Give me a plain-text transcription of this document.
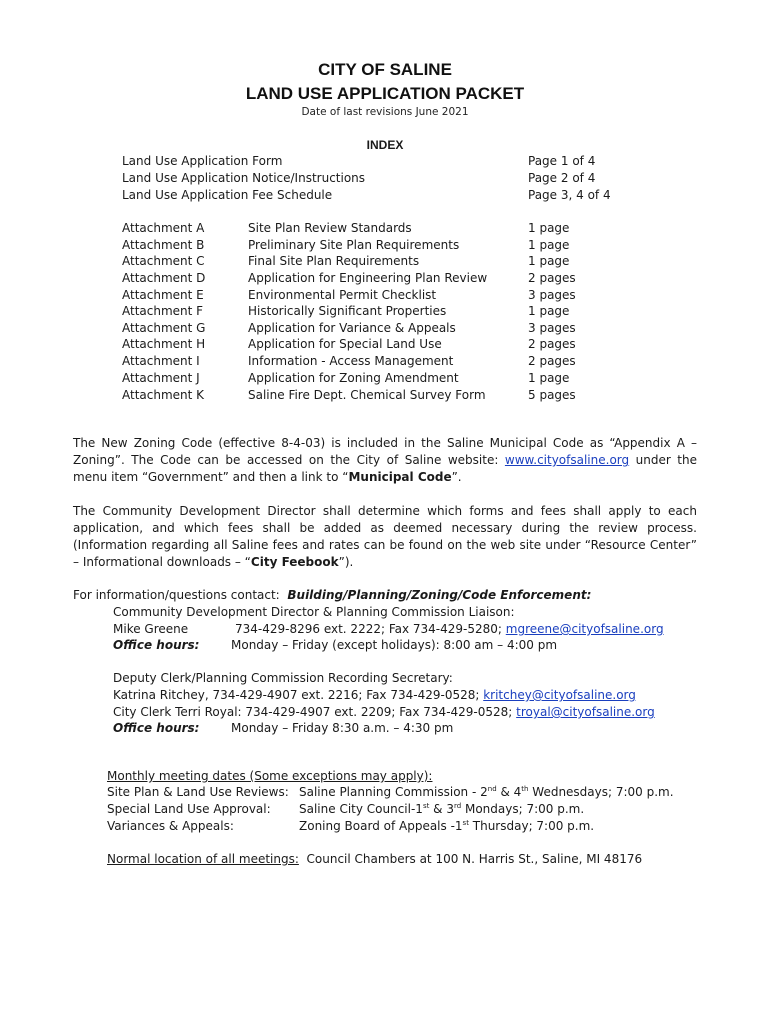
CITY OF SALINE
LAND USE APPLICATION PACKET
Date of last revisions June 2021
INDEX
Land Use Application Form	Page 1 of 4
Land Use Application Notice/Instructions	Page 2 of 4
Land Use Application Fee Schedule	Page 3, 4 of 4
Attachment A	Site Plan Review Standards	1 page
Attachment B	Preliminary Site Plan Requirements	1 page
Attachment C	Final Site Plan Requirements	1 page
Attachment D	Application for Engineering Plan Review	2 pages
Attachment E	Environmental Permit Checklist	3 pages
Attachment F	Historically Significant Properties	1 page
Attachment G	Application for Variance & Appeals	3 pages
Attachment H	Application for Special Land Use	2 pages
Attachment I	Information - Access Management	2 pages
Attachment J	Application for Zoning Amendment	1 page
Attachment K	Saline Fire Dept. Chemical Survey Form	5 pages
The New Zoning Code (effective 8-4-03) is included in the Saline Municipal Code as “Appendix A – Zoning”. The Code can be accessed on the City of Saline website: www.cityofsaline.org under the menu item “Government” and then a link to “Municipal Code”.
The Community Development Director shall determine which forms and fees shall apply to each application, and which fees shall be added as deemed necessary during the review process. (Information regarding all Saline fees and rates can be found on the web site under “Resource Center” – Informational downloads – “City Feebook”).
For information/questions contact: Building/Planning/Zoning/Code Enforcement:
Community Development Director & Planning Commission Liaison:
Mike Greene	734-429-8296 ext. 2222; Fax 734-429-5280; mgreene@cityofsaline.org
Office hours:	Monday – Friday (except holidays): 8:00 am – 4:00 pm
Deputy Clerk/Planning Commission Recording Secretary:
Katrina Ritchey, 734-429-4907 ext. 2216; Fax 734-429-0528; kritchey@cityofsaline.org
City Clerk Terri Royal: 734-429-4907 ext. 2209; Fax 734-429-0528; troyal@cityofsaline.org
Office hours:	Monday – Friday 8:30 a.m. – 4:30 pm
Monthly meeting dates (Some exceptions may apply):
Site Plan & Land Use Reviews: Saline Planning Commission - 2nd & 4th Wednesdays; 7:00 p.m.
Special Land Use Approval: Saline City Council-1st & 3rd Mondays; 7:00 p.m.
Variances & Appeals:	Zoning Board of Appeals -1st Thursday; 7:00 p.m.
Normal location of all meetings: Council Chambers at 100 N. Harris St., Saline, MI 48176
